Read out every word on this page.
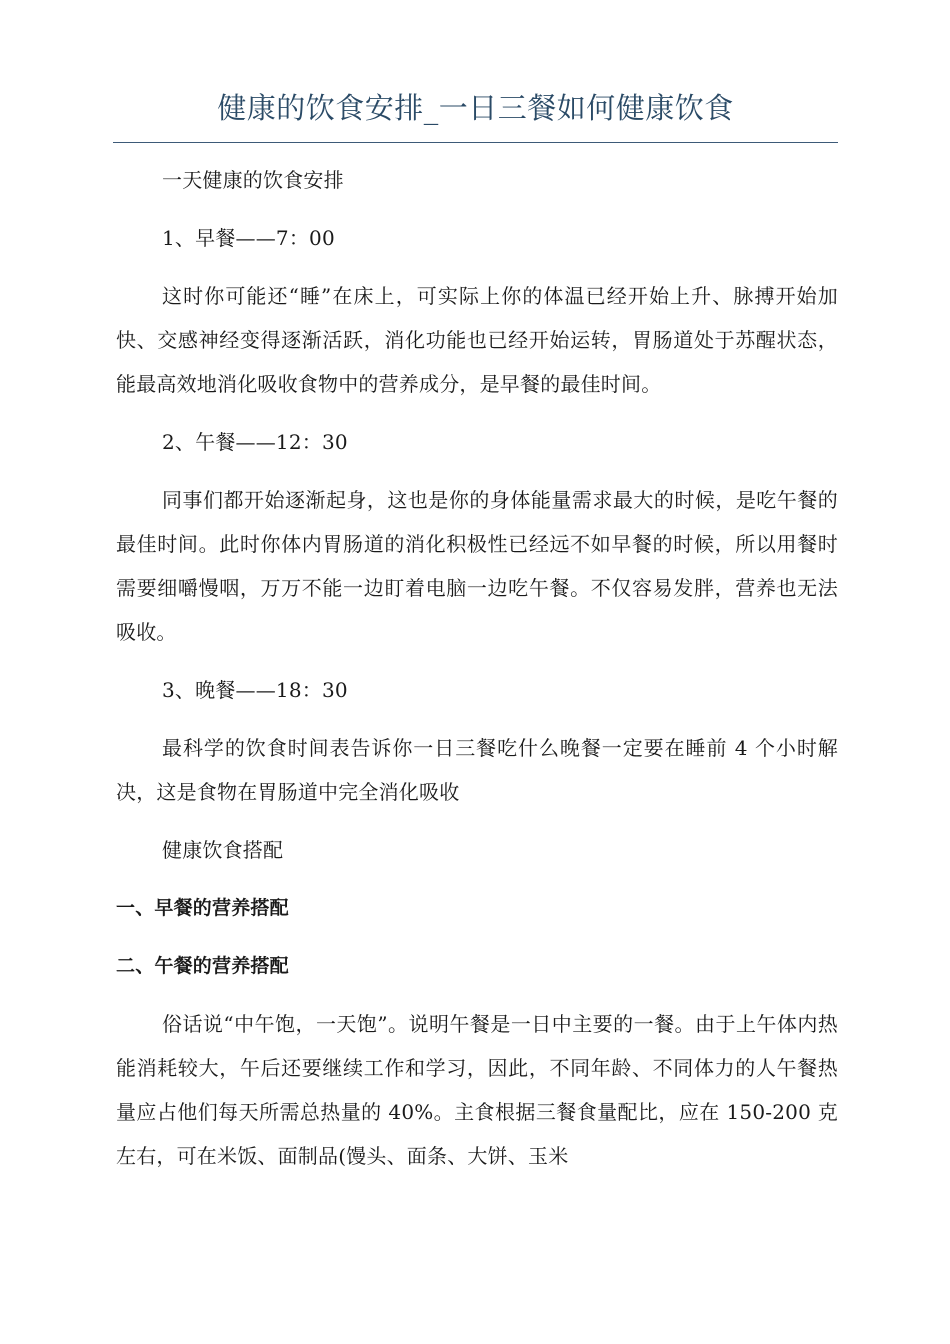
健康的饮食安排_一日三餐如何健康饮食

一天健康的饮食安排

1、早餐——7：00

这时你可能还“睡”在床上，可实际上你的体温已经开始上升、脉搏开始加快、交感神经变得逐渐活跃，消化功能也已经开始运转，胃肠道处于苏醒状态，能最高效地消化吸收食物中的营养成分，是早餐的最佳时间。

2、午餐——12：30

同事们都开始逐渐起身，这也是你的身体能量需求最大的时候，是吃午餐的最佳时间。此时你体内胃肠道的消化积极性已经远不如早餐的时候，所以用餐时需要细嚼慢咽，万万不能一边盯着电脑一边吃午餐。不仅容易发胖，营养也无法吸收。

3、晚餐——18：30

最科学的饮食时间表告诉你一日三餐吃什么晚餐一定要在睡前 4 个小时解决，这是食物在胃肠道中完全消化吸收

健康饮食搭配

一、早餐的营养搭配

二、午餐的营养搭配

俗话说“中午饱，一天饱”。说明午餐是一日中主要的一餐。由于上午体内热能消耗较大，午后还要继续工作和学习，因此，不同年龄、不同体力的人午餐热量应占他们每天所需总热量的 40%。主食根据三餐食量配比，应在 150-200 克左右，可在米饭、面制品(馒头、面条、大饼、玉米
